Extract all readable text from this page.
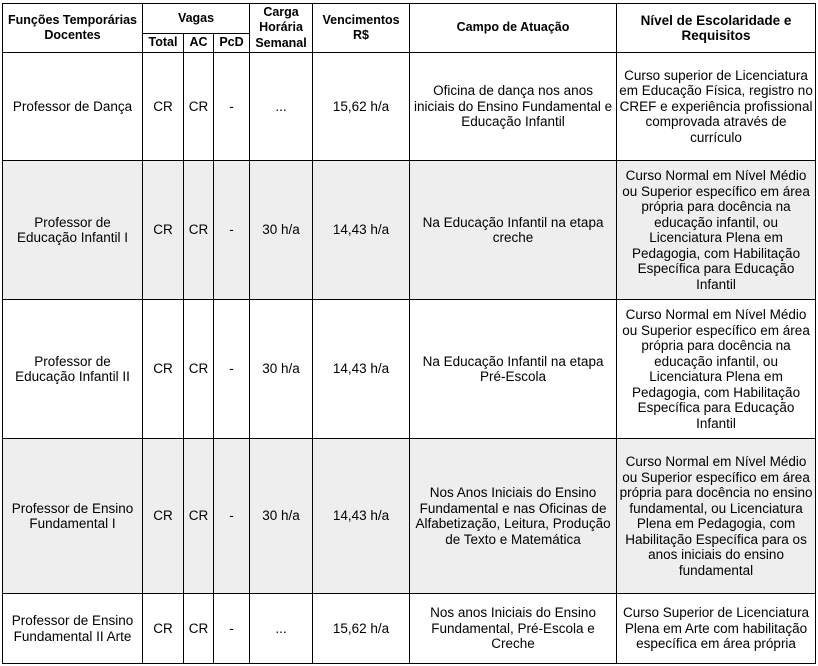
Funções Temporárias Docentes	Vagas			Carga Horária Semanal	Vencimentos R$	Campo de Atuação	Nível de Escolaridade e Requisitos
	Total	AC	PcD				
Professor de Dança	CR	CR	-	...	15,62 h/a	Oficina de dança nos anos iniciais do Ensino Fundamental e Educação Infantil	Curso superior de Licenciatura em Educação Física, registro no CREF e experiência profissional comprovada através de currículo
Professor de Educação Infantil I	CR	CR	-	30 h/a	14,43 h/a	Na Educação Infantil na etapa creche	Curso Normal em Nível Médio ou Superior específico em área própria para docência na educação infantil, ou Licenciatura Plena em Pedagogia, com Habilitação Específica para Educação Infantil
Professor de Educação Infantil II	CR	CR	-	30 h/a	14,43 h/a	Na Educação Infantil na etapa Pré-Escola	Curso Normal em Nível Médio ou Superior específico em área própria para docência na educação infantil, ou Licenciatura Plena em Pedagogia, com Habilitação Específica para Educação Infantil
Professor de Ensino Fundamental I	CR	CR	-	30 h/a	14,43 h/a	Nos Anos Iniciais do Ensino Fundamental e nas Oficinas de Alfabetização, Leitura, Produção de Texto e Matemática	Curso Normal em Nível Médio ou Superior específico em área própria para docência no ensino fundamental, ou Licenciatura Plena em Pedagogia, com Habilitação Específica para os anos iniciais do ensino fundamental
Professor de Ensino Fundamental II Arte	CR	CR	-	...	15,62 h/a	Nos anos Iniciais do Ensino Fundamental, Pré-Escola e Creche	Curso Superior de Licenciatura Plena em Arte com habilitação específica em área própria
